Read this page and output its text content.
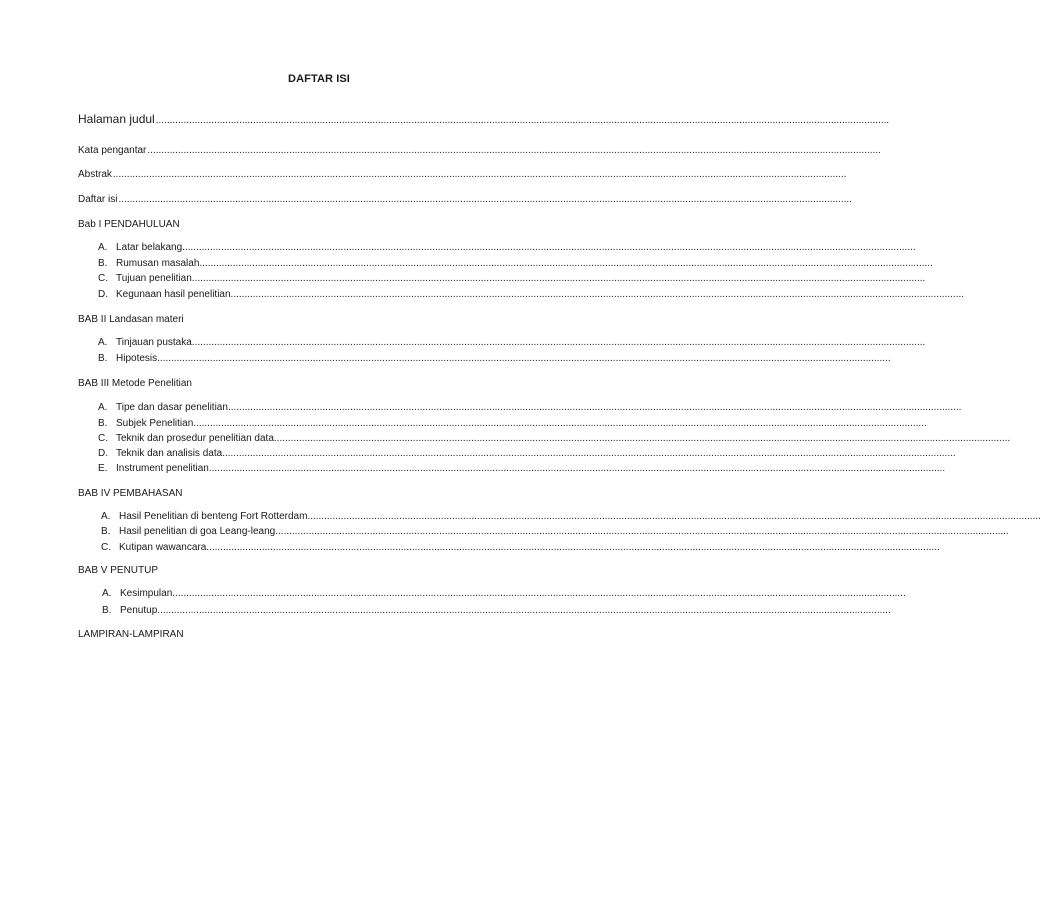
DAFTAR ISI
Halaman judul ........................................................................................................................................................................................................................................................................
Kata pengantar ........................................................................................................................................................................................................................................................................
Abstrak ........................................................................................................................................................................................................................................................................
Daftar isi ........................................................................................................................................................................................................................................................................
Bab I PENDAHULUAN
A. Latar belakang ........................................................................................................................................................................................................................................................................
B. Rumusan masalah ........................................................................................................................................................................................................................................................................
C. Tujuan penelitian ........................................................................................................................................................................................................................................................................
D. Kegunaan hasil penelitian ........................................................................................................................................................................................................................................................................
BAB II Landasan materi
A. Tinjauan pustaka ........................................................................................................................................................................................................................................................................
B. Hipotesis ........................................................................................................................................................................................................................................................................
BAB III Metode Penelitian
A. Tipe dan dasar penelitian ........................................................................................................................................................................................................................................................................
B. Subjek Penelitian ........................................................................................................................................................................................................................................................................
C. Teknik dan prosedur penelitian data. ........................................................................................................................................................................................................................................................................
D. Teknik dan analisis data ........................................................................................................................................................................................................................................................................
E. Instrument penelitian. ........................................................................................................................................................................................................................................................................
BAB IV PEMBAHASAN
A. Hasil Penelitian di benteng Fort Rotterdam ........................................................................................................................................................................................................................................................................
B. Hasil penelitian di goa Leang-leang ........................................................................................................................................................................................................................................................................
C. Kutipan wawancara ........................................................................................................................................................................................................................................................................
BAB V PENUTUP
A. Kesimpulan ........................................................................................................................................................................................................................................................................
B. Penutup ........................................................................................................................................................................................................................................................................
LAMPIRAN-LAMPIRAN
